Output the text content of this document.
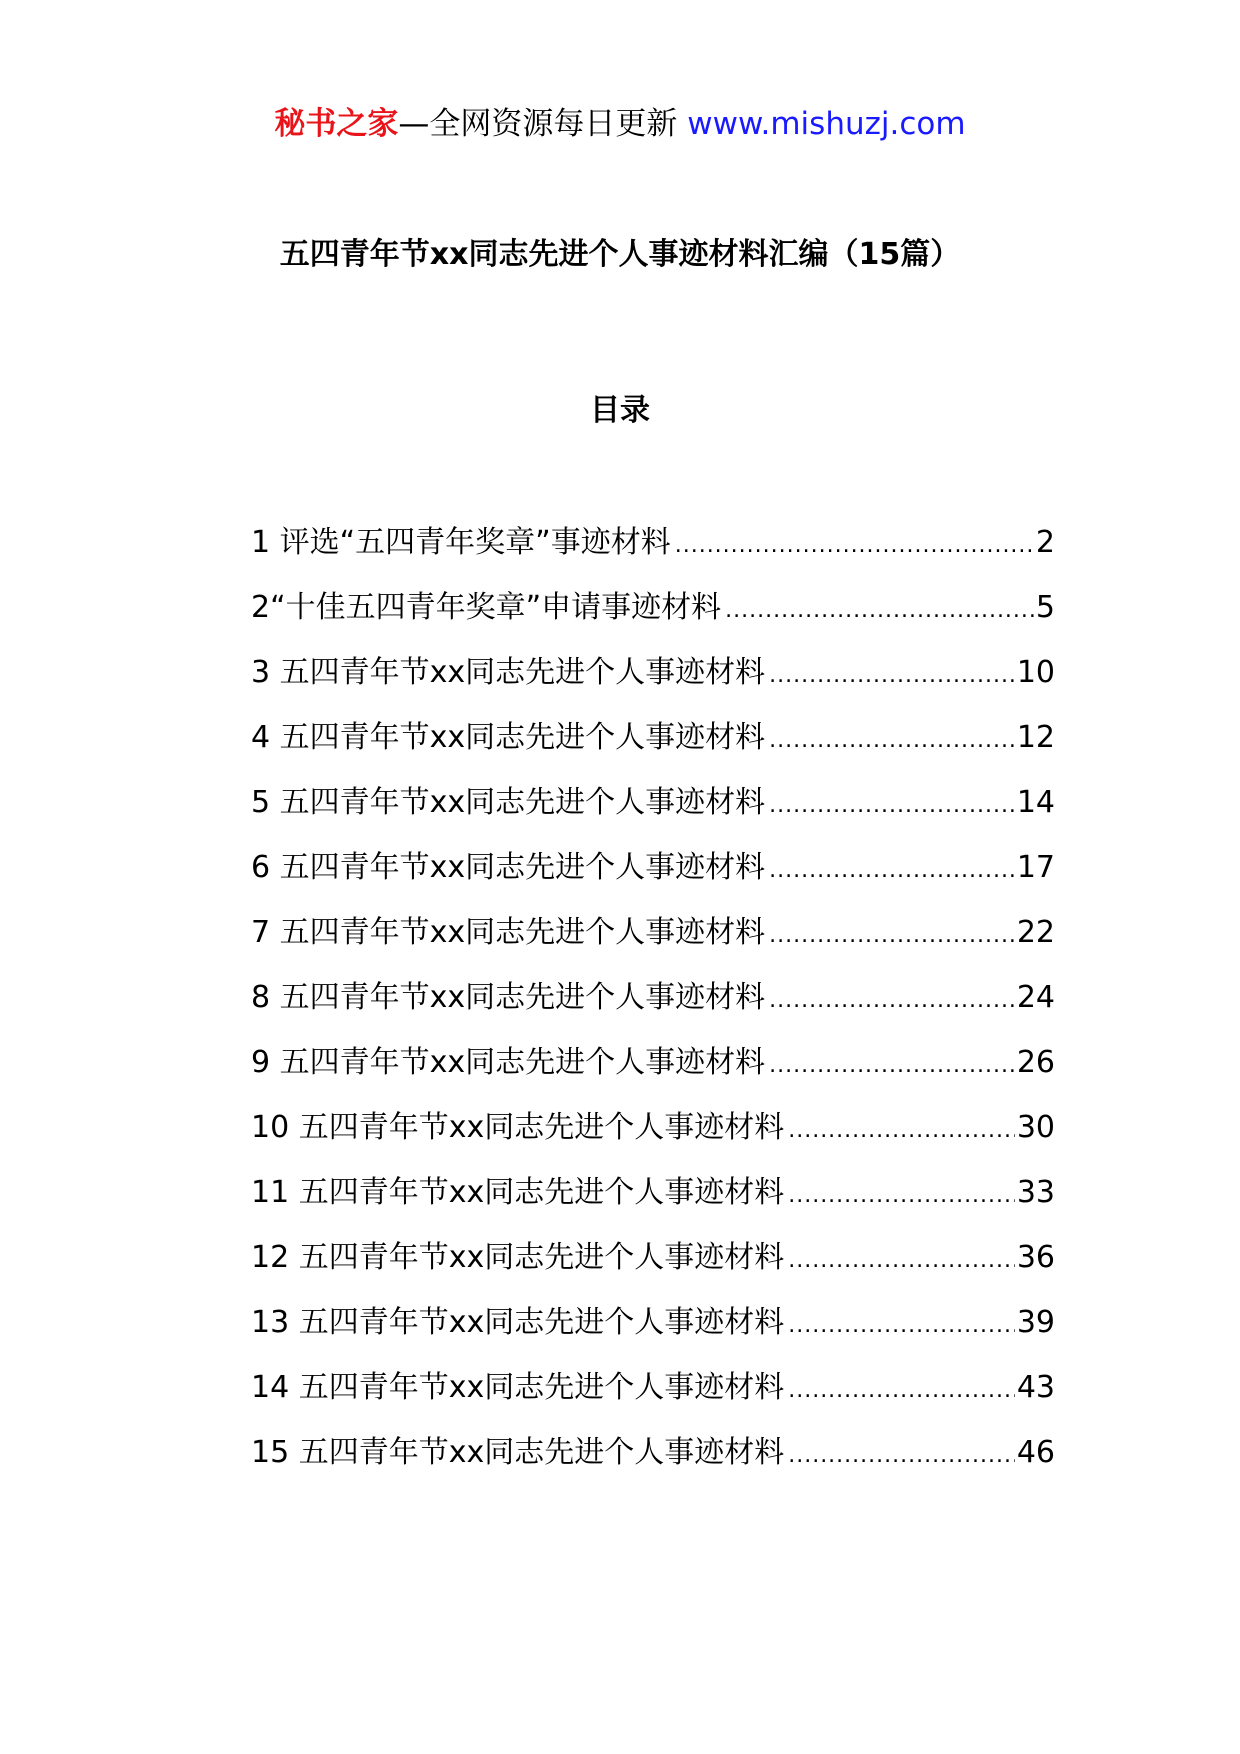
秘书之家—全网资源每日更新 www.mishuzj.com
五四青年节xx同志先进个人事迹材料汇编（15篇）
目录
1 评选“五四青年奖章”事迹材料 .....	2
2“十佳五四青年奖章”申请事迹材料 .....	5
3 五四青年节xx同志先进个人事迹材料 .....	10
4 五四青年节xx同志先进个人事迹材料 .....	12
5 五四青年节xx同志先进个人事迹材料 .....	14
6 五四青年节xx同志先进个人事迹材料 .....	17
7 五四青年节xx同志先进个人事迹材料 .....	22
8 五四青年节xx同志先进个人事迹材料 .....	24
9 五四青年节xx同志先进个人事迹材料 .....	26
10 五四青年节xx同志先进个人事迹材料 .....	30
11 五四青年节xx同志先进个人事迹材料 .....	33
12 五四青年节xx同志先进个人事迹材料 .....	36
13 五四青年节xx同志先进个人事迹材料 .....	39
14 五四青年节xx同志先进个人事迹材料 .....	43
15 五四青年节xx同志先进个人事迹材料 .....	46
